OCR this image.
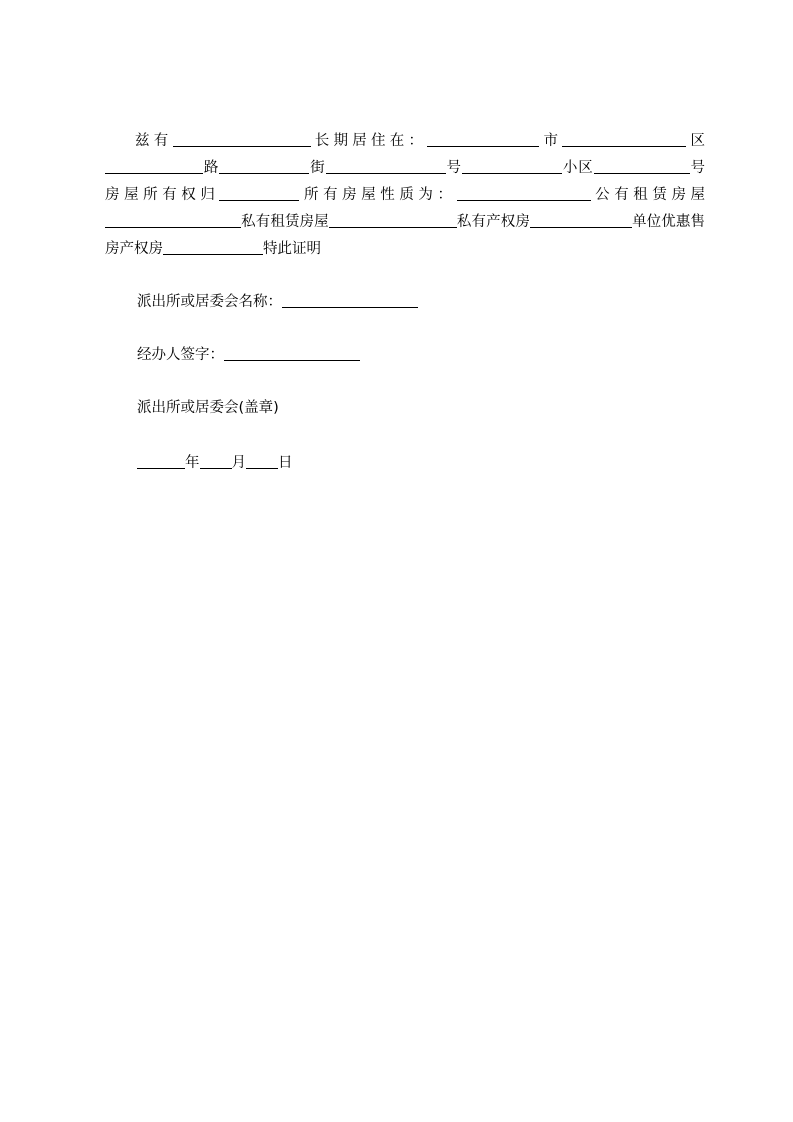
兹有	长期居住在：	市	区路	街	号	小区	号房屋所有权归	所有房屋性质为：	公有租赁房屋私有租赁房屋	私有产权房	单位优惠售房产权房	特此证明
派出所或居委会名称：
经办人签字：
派出所或居委会(盖章)
年 月 日
